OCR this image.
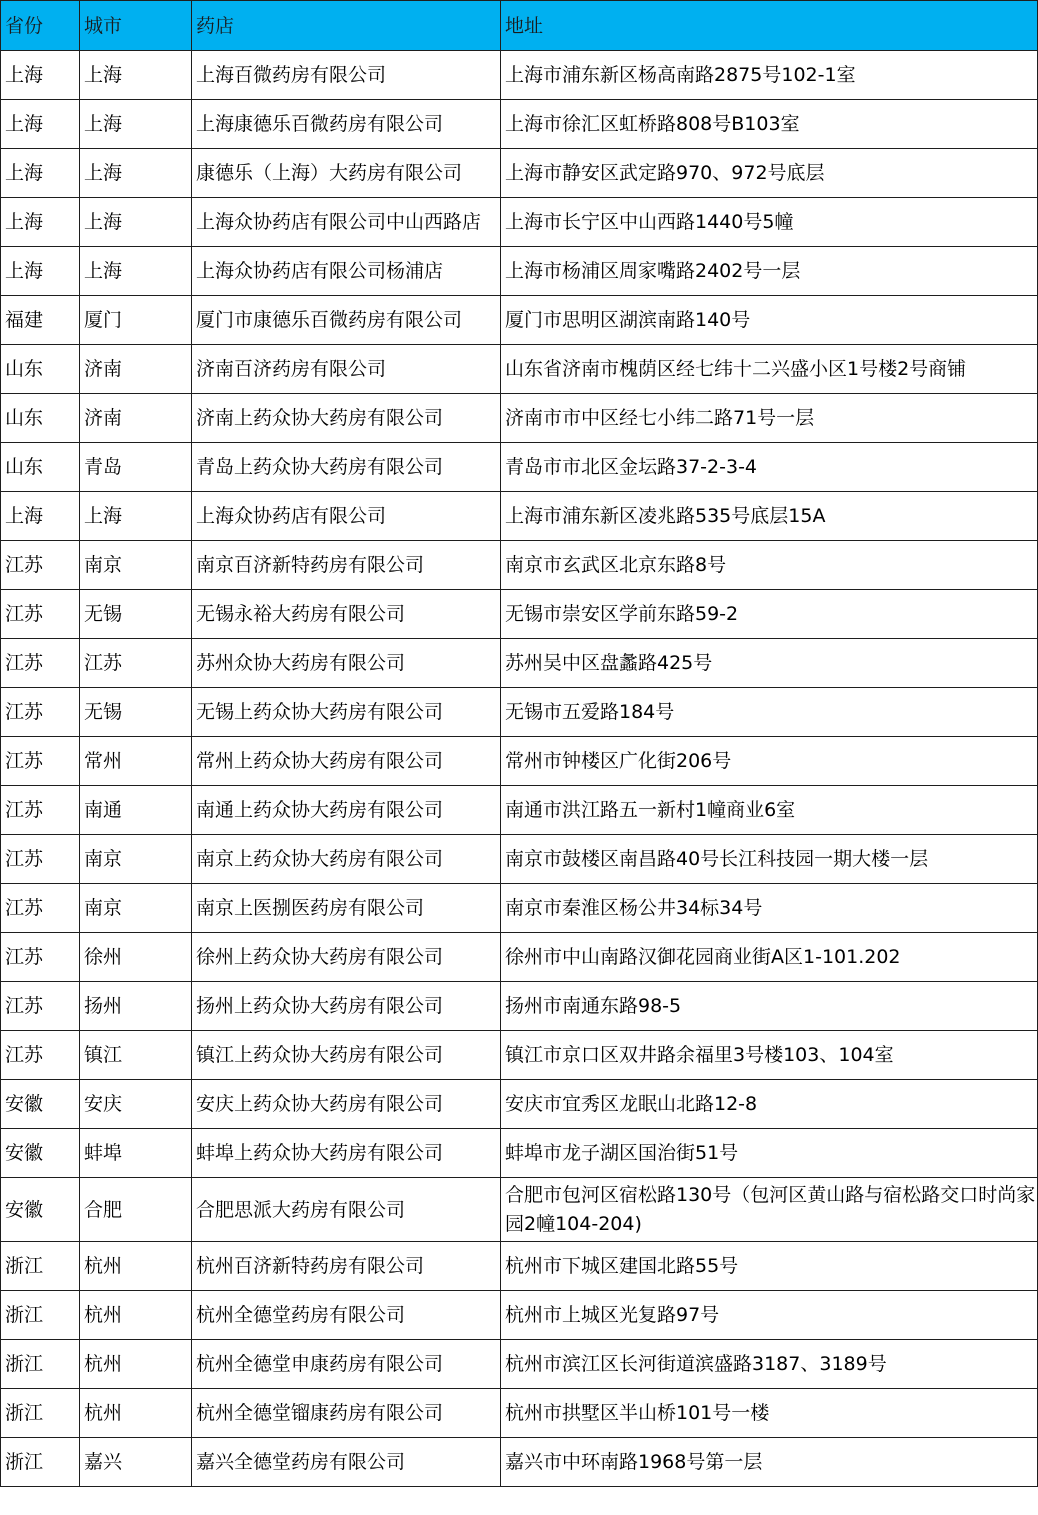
省份	城市	药店	地址
上海	上海	上海百微药房有限公司	上海市浦东新区杨高南路2875号102-1室
上海	上海	上海康德乐百微药房有限公司	上海市徐汇区虹桥路808号B103室
上海	上海	康德乐（上海）大药房有限公司	上海市静安区武定路970、972号底层
上海	上海	上海众协药店有限公司中山西路店	上海市长宁区中山西路1440号5幢
上海	上海	上海众协药店有限公司杨浦店	上海市杨浦区周家嘴路2402号一层
福建	厦门	厦门市康德乐百微药房有限公司	厦门市思明区湖滨南路140号
山东	济南	济南百济药房有限公司	山东省济南市槐荫区经七纬十二兴盛小区1号楼2号商铺
山东	济南	济南上药众协大药房有限公司	济南市市中区经七小纬二路71号一层
山东	青岛	青岛上药众协大药房有限公司	青岛市市北区金坛路37-2-3-4
上海	上海	上海众协药店有限公司	上海市浦东新区凌兆路535号底层15A
江苏	南京	南京百济新特药房有限公司	南京市玄武区北京东路8号
江苏	无锡	无锡永裕大药房有限公司	无锡市崇安区学前东路59-2
江苏	江苏	苏州众协大药房有限公司	苏州吴中区盘蠡路425号
江苏	无锡	无锡上药众协大药房有限公司	无锡市五爱路184号
江苏	常州	常州上药众协大药房有限公司	常州市钟楼区广化街206号
江苏	南通	南通上药众协大药房有限公司	南通市洪江路五一新村1幢商业6室
江苏	南京	南京上药众协大药房有限公司	南京市鼓楼区南昌路40号长江科技园一期大楼一层
江苏	南京	南京上医捌医药房有限公司	南京市秦淮区杨公井34标34号
江苏	徐州	徐州上药众协大药房有限公司	徐州市中山南路汉御花园商业街A区1-101.202
江苏	扬州	扬州上药众协大药房有限公司	扬州市南通东路98-5
江苏	镇江	镇江上药众协大药房有限公司	镇江市京口区双井路余福里3号楼103、104室
安徽	安庆	安庆上药众协大药房有限公司	安庆市宜秀区龙眠山北路12-8
安徽	蚌埠	蚌埠上药众协大药房有限公司	蚌埠市龙子湖区国治街51号
安徽	合肥	合肥思派大药房有限公司	合肥市包河区宿松路130号（包河区黄山路与宿松路交口时尚家园2幢104-204)
浙江	杭州	杭州百济新特药房有限公司	杭州市下城区建国北路55号
浙江	杭州	杭州全德堂药房有限公司	杭州市上城区光复路97号
浙江	杭州	杭州全德堂申康药房有限公司	杭州市滨江区长河街道滨盛路3187、3189号
浙江	杭州	杭州全德堂镏康药房有限公司	杭州市拱墅区半山桥101号一楼
浙江	嘉兴	嘉兴全德堂药房有限公司	嘉兴市中环南路1968号第一层
